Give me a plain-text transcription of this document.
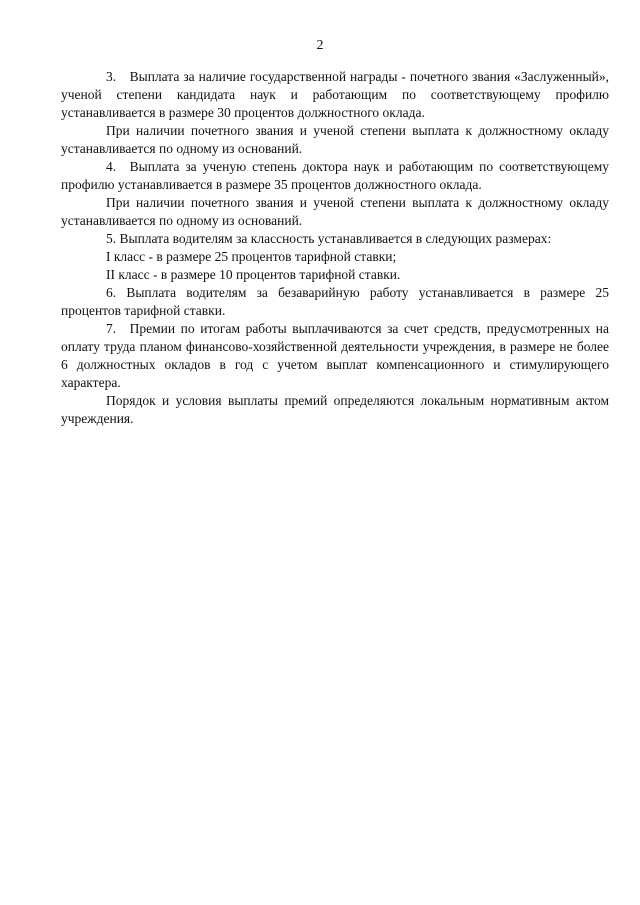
2

3. Выплата за наличие государственной награды - почетного звания «Заслуженный», ученой степени кандидата наук и работающим по соответствующему профилю устанавливается в размере 30 процентов должностного оклада.

При наличии почетного звания и ученой степени выплата к должностному окладу устанавливается по одному из оснований.

4. Выплата за ученую степень доктора наук и работающим по соответствующему профилю устанавливается в размере 35 процентов должностного оклада.

При наличии почетного звания и ученой степени выплата к должностному окладу устанавливается по одному из оснований.

5. Выплата водителям за классность устанавливается в следующих размерах:

I класс - в размере 25 процентов тарифной ставки;

II класс - в размере 10 процентов тарифной ставки.

6. Выплата водителям за безаварийную работу устанавливается в размере 25 процентов тарифной ставки.

7. Премии по итогам работы выплачиваются за счет средств, предусмотренных на оплату труда планом финансово-хозяйственной деятельности учреждения, в размере не более 6 должностных окладов в год с учетом выплат компенсационного и стимулирующего характера.

Порядок и условия выплаты премий определяются локальным нормативным актом учреждения.
